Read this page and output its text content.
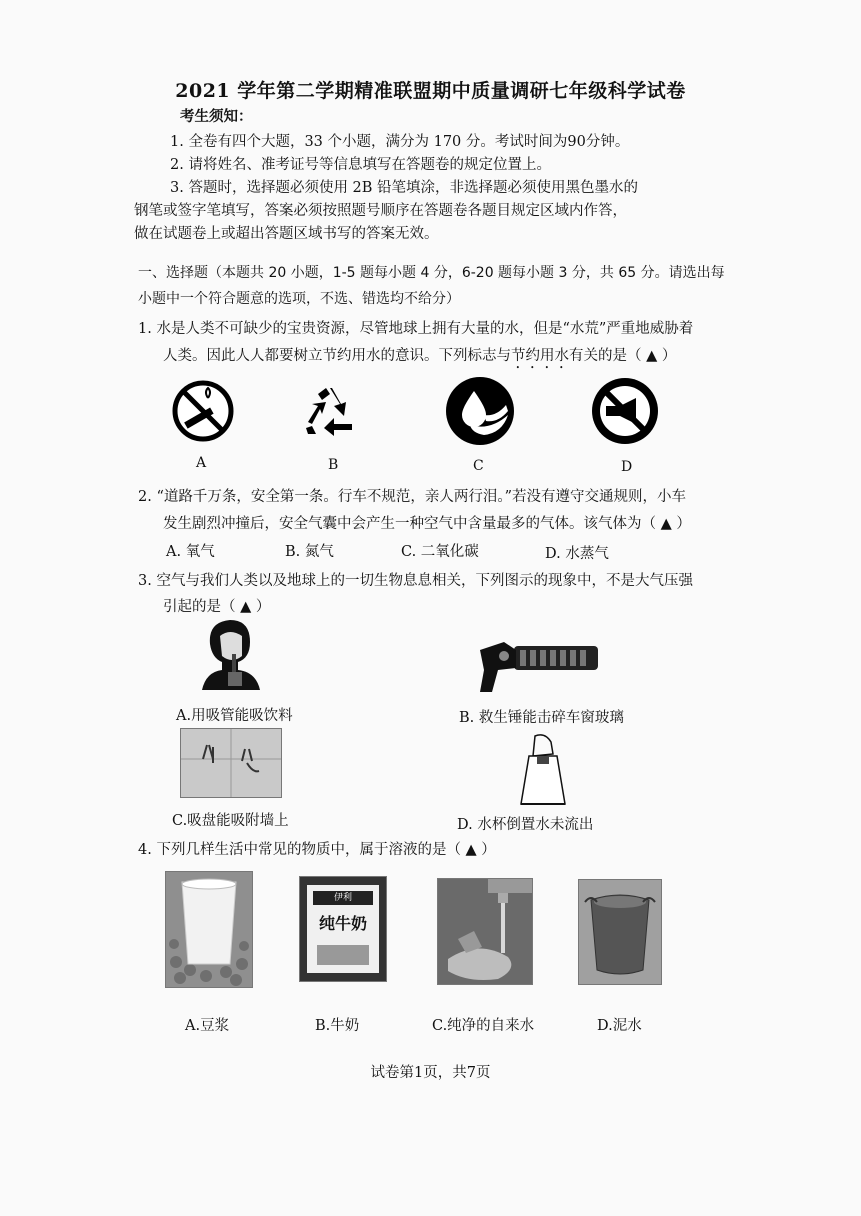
2021 学年第二学期精准联盟期中质量调研七年级科学试卷
考生须知：
1. 全卷有四个大题，33 个小题，满分为 170 分。考试时间为90分钟。
2. 请将姓名、准考证号等信息填写在答题卷的规定位置上。
3. 答题时，选择题必须使用 2B 铅笔填涂，非选择题必须使用黑色墨水的
钢笔或签字笔填写，答案必须按照题号顺序在答题卷各题目规定区域内作答，
做在试题卷上或超出答题区域书写的答案无效。
一、选择题（本题共 20 小题，1-5 题每小题 4 分，6-20 题每小题 3 分，共 65 分。请选出每
小题中一个符合题意的选项，不选、错选均不给分）
1. 水是人类不可缺少的宝贵资源，尽管地球上拥有大量的水，但是“水荒”严重地威胁着
人类。因此人人都要树立节约用水的意识。下列标志与节约用水有关的是（ ▲ ）
A	B	C	D
2. “道路千万条，安全第一条。行车不规范，亲人两行泪。”若没有遵守交通规则，小车
发生剧烈冲撞后，安全气囊中会产生一种空气中含量最多的气体。该气体为（ ▲ ）
A. 氧气	B. 氮气	C. 二氧化碳	D. 水蒸气
3. 空气与我们人类以及地球上的一切生物息息相关，下列图示的现象中，不是大气压强
引起的是（ ▲ ）
A.用吸管能吸饮料	B. 救生锤能击碎车窗玻璃
C.吸盘能吸附墙上	D. 水杯倒置水未流出
4. 下列几样生活中常见的物质中，属于溶液的是（ ▲ ）
伊利
纯牛奶
A.豆浆	B.牛奶	C.纯净的自来水	D.泥水
试卷第1页，共7页
